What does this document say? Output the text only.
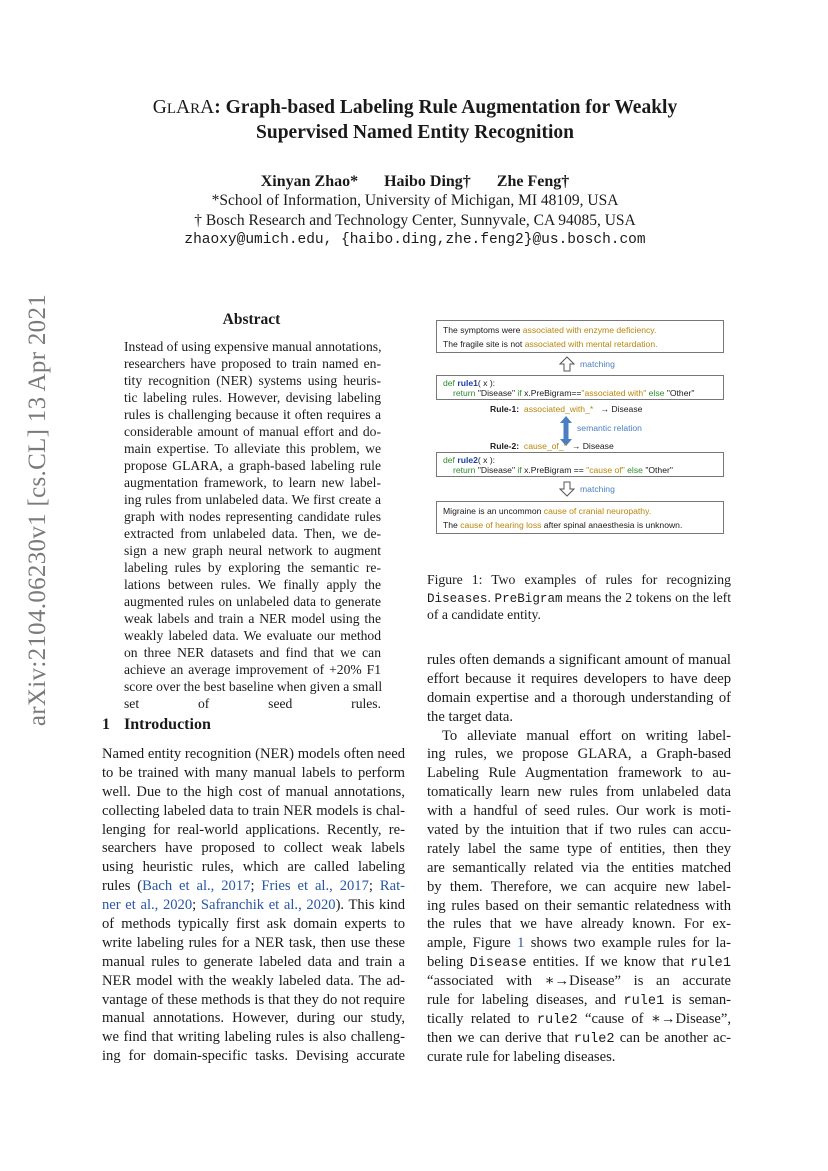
arXiv:2104.06230v1 [cs.CL] 13 Apr 2021
GLARA: Graph-based Labeling Rule Augmentation for Weakly
Supervised Named Entity Recognition
Xinyan Zhao* Haibo Ding† Zhe Feng†
*School of Information, University of Michigan, MI 48109, USA
† Bosch Research and Technology Center, Sunnyvale, CA 94085, USA
zhaoxy@umich.edu, {haibo.ding,zhe.feng2}@us.bosch.com
Abstract
Instead of using expensive manual annotations,
researchers have proposed to train named en-
tity recognition (NER) systems using heuris-
tic labeling rules. However, devising labeling
rules is challenging because it often requires a
considerable amount of manual effort and do-
main expertise. To alleviate this problem, we
propose GLARA, a graph-based labeling rule
augmentation framework, to learn new label-
ing rules from unlabeled data. We first create a
graph with nodes representing candidate rules
extracted from unlabeled data. Then, we de-
sign a new graph neural network to augment
labeling rules by exploring the semantic re-
lations between rules. We finally apply the
augmented rules on unlabeled data to generate
weak labels and train a NER model using the
weakly labeled data. We evaluate our method
on three NER datasets and find that we can
achieve an average improvement of +20% F1
score over the best baseline when given a small
set of seed rules.
1 Introduction
Named entity recognition (NER) models often need
to be trained with many manual labels to perform
well. Due to the high cost of manual annotations,
collecting labeled data to train NER models is chal-
lenging for real-world applications. Recently, re-
searchers have proposed to collect weak labels
using heuristic rules, which are called labeling
rules (Bach et al., 2017; Fries et al., 2017; Rat-
ner et al., 2020; Safranchik et al., 2020). This kind
of methods typically first ask domain experts to
write labeling rules for a NER task, then use these
manual rules to generate labeled data and train a
NER model with the weakly labeled data. The ad-
vantage of these methods is that they do not require
manual annotations. However, during our study,
we find that writing labeling rules is also challeng-
ing for domain-specific tasks. Devising accurate
rules often demands a significant amount of manual
effort because it requires developers to have deep
domain expertise and a thorough understanding of
the target data.
To alleviate manual effort on writing label-
ing rules, we propose GLARA, a Graph-based
Labeling Rule Augmentation framework to au-
tomatically learn new rules from unlabeled data
with a handful of seed rules. Our work is moti-
vated by the intuition that if two rules can accu-
rately label the same type of entities, then they
are semantically related via the entities matched
by them. Therefore, we can acquire new label-
ing rules based on their semantic relatedness with
the rules that we have already known. For ex-
ample, Figure 1 shows two example rules for la-
beling Disease entities. If we know that rule1
“associated with ∗→Disease” is an accurate
rule for labeling diseases, and rule1 is seman-
tically related to rule2 “cause of ∗→Disease”,
then we can derive that rule2 can be another ac-
curate rule for labeling diseases.
The symptoms were associated with enzyme deficiency.
The fragile site is not associated with mental retardation.
matching
def rule1( x ):
return "Disease" if x.PreBigram=="associated with" else "Other"
Rule-1: associated_with_* → Disease
semantic relation
Rule-2: cause_of_* → Disease
def rule2( x ):
return "Disease" if x.PreBigram == "cause of" else "Other"
matching
Migraine is an uncommon cause of cranial neuropathy.
The cause of hearing loss after spinal anaesthesia is unknown.
Figure 1: Two examples of rules for recognizing
Diseases. PreBigram means the 2 tokens on the left
of a candidate entity.
